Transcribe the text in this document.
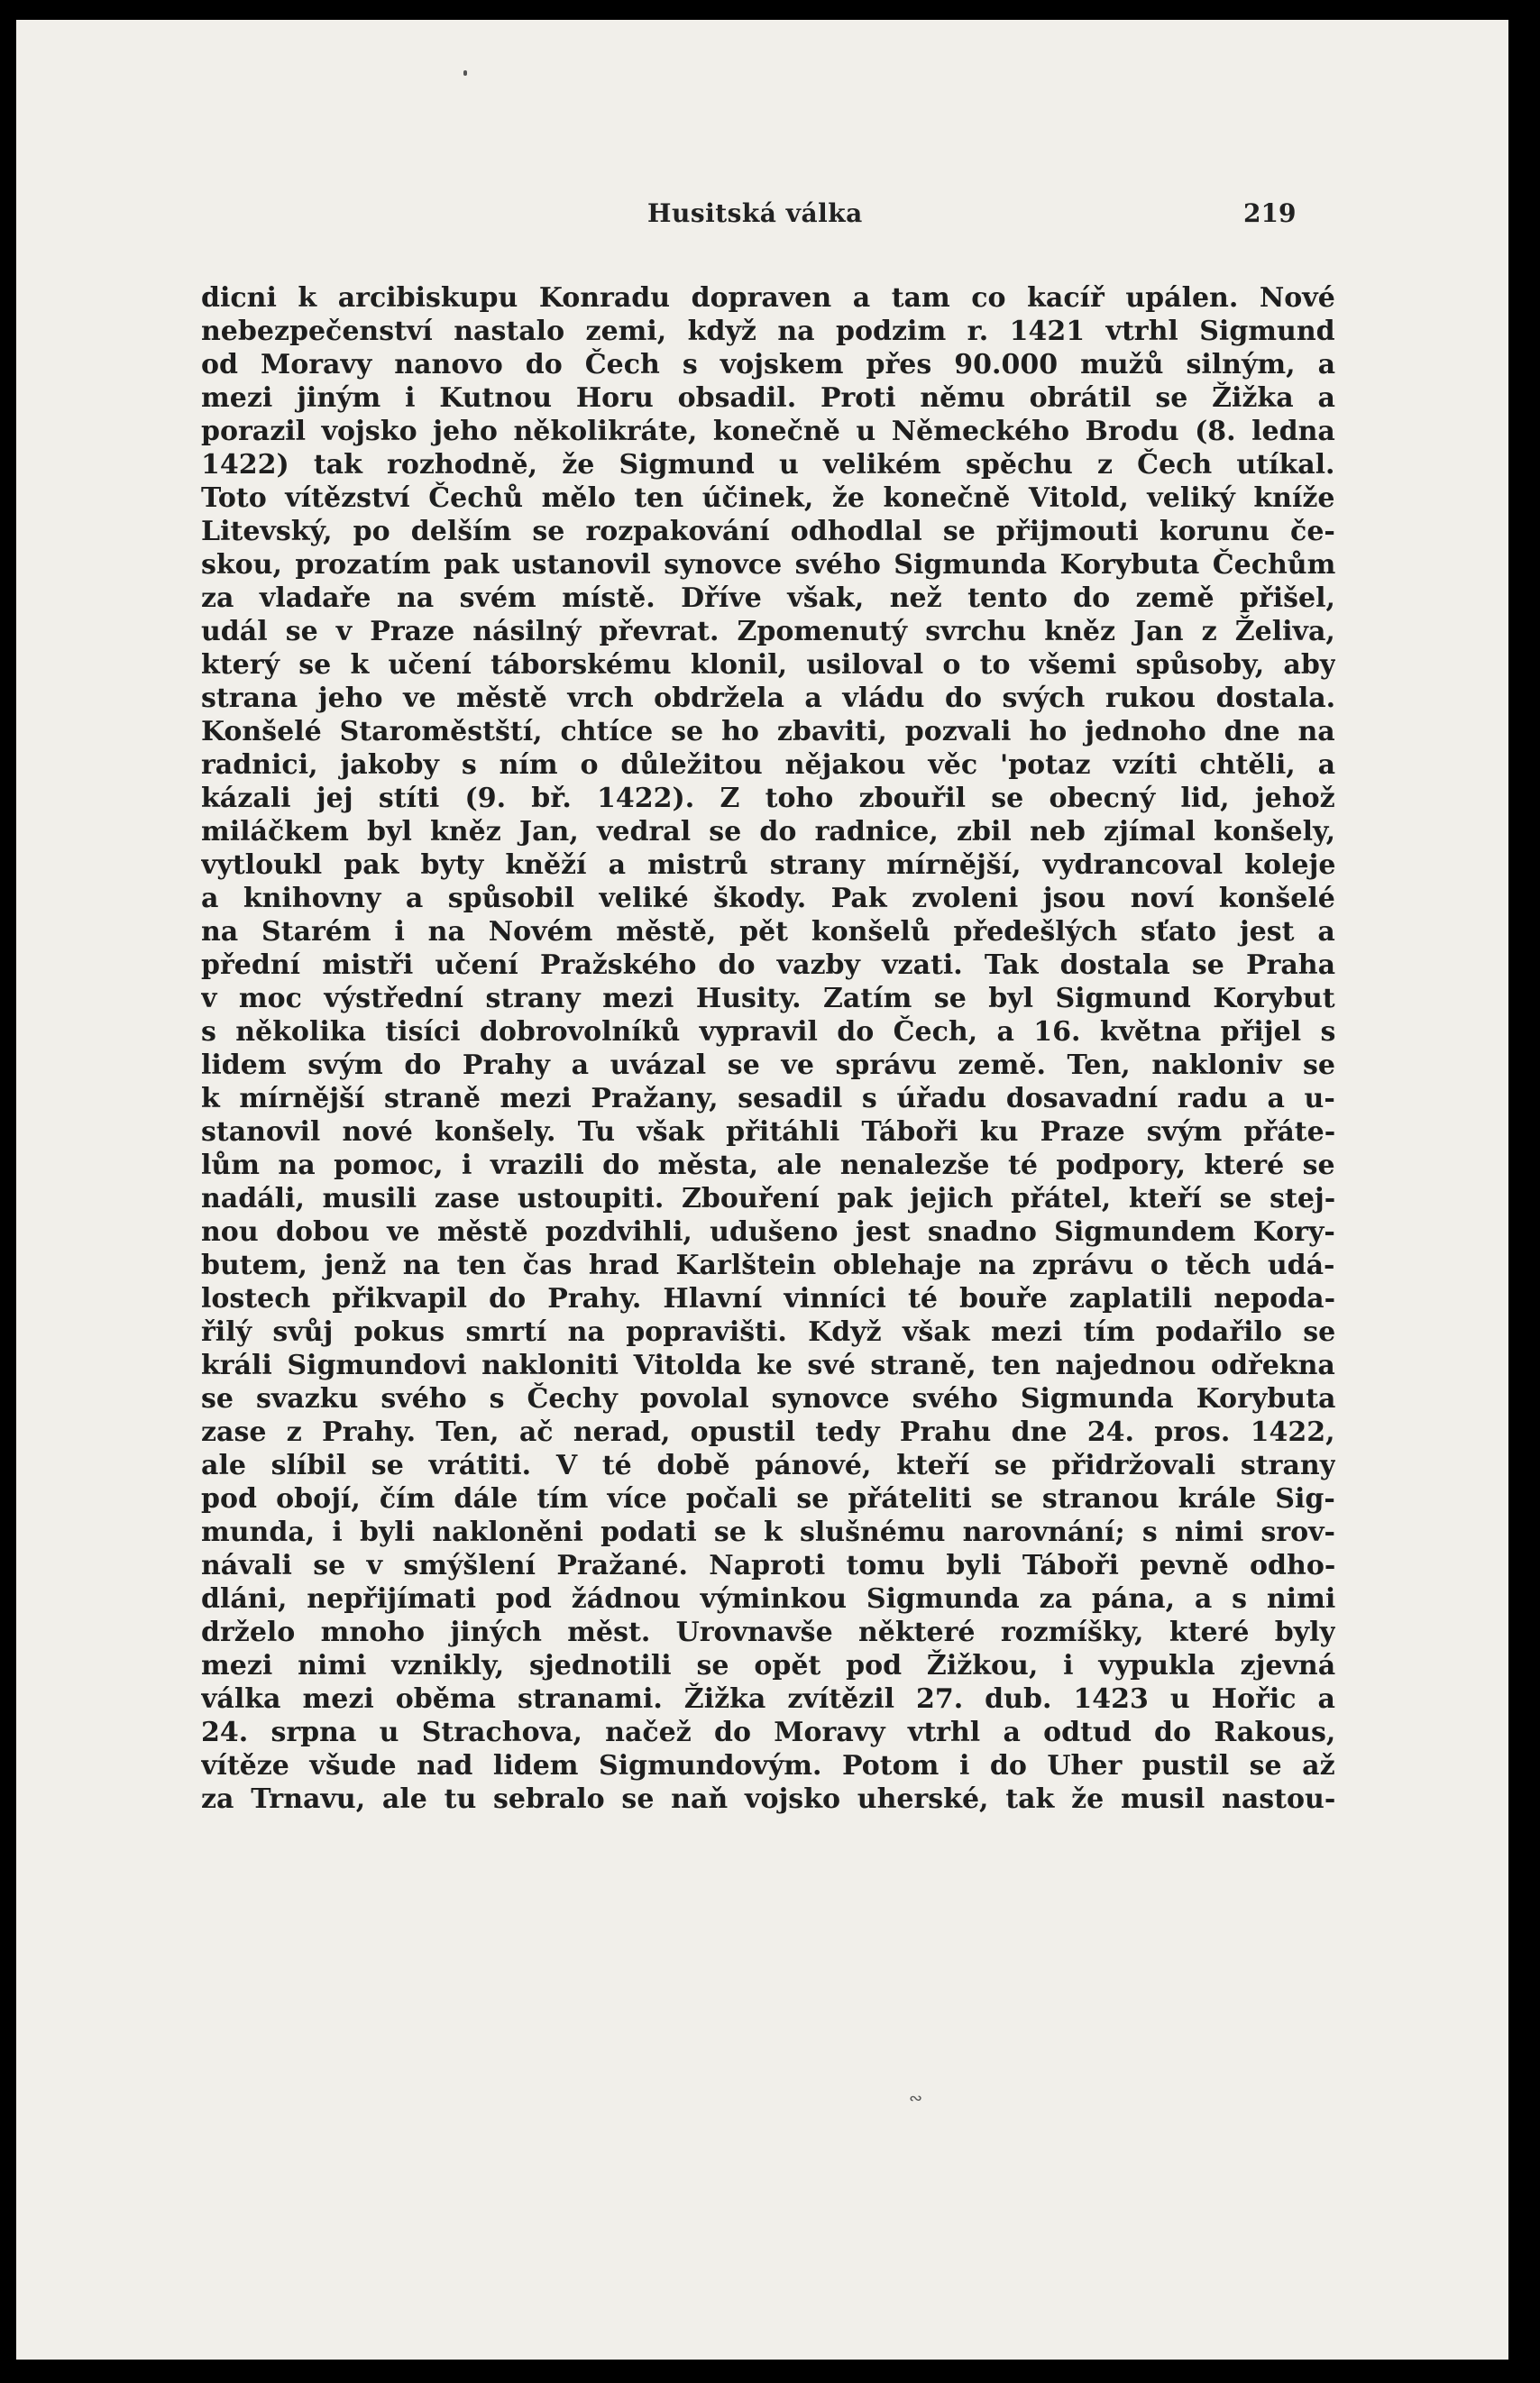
Husitská válka	219
dicni k arcibiskupu Konradu dopraven a tam co kacíř upálen. Nové
nebezpečenství nastalo zemi, když na podzim r. 1421 vtrhl Sigmund
od Moravy nanovo do Čech s vojskem přes 90.000 mužů silným, a
mezi jiným i Kutnou Horu obsadil. Proti němu obrátil se Žižka a
porazil vojsko jeho několikráte, konečně u Německého Brodu (8. ledna
1422) tak rozhodně, že Sigmund u velikém spěchu z Čech utíkal.
Toto vítězství Čechů mělo ten účinek, že konečně Vitold, veliký kníže
Litevský, po delším se rozpakování odhodlal se přijmouti korunu če-
skou, prozatím pak ustanovil synovce svého Sigmunda Korybuta Čechům
za vladaře na svém místě. Dříve však, než tento do země přišel,
udál se v Praze násilný převrat. Zpomenutý svrchu kněz Jan z Želiva,
který se k učení táborskému klonil, usiloval o to všemi spůsoby, aby
strana jeho ve městě vrch obdržela a vládu do svých rukou dostala.
Konšelé Staroměstští, chtíce se ho zbaviti, pozvali ho jednoho dne na
radnici, jakoby s ním o důležitou nějakou věc 'potaz vzíti chtěli, a
kázali jej stíti (9. bř. 1422). Z toho zbouřil se obecný lid, jehož
miláčkem byl kněz Jan, vedral se do radnice, zbil neb zjímal konšely,
vytloukl pak byty kněží a mistrů strany mírnější, vydrancoval koleje
a knihovny a spůsobil veliké škody. Pak zvoleni jsou noví konšelé
na Starém i na Novém městě, pět konšelů předešlých sťato jest a
přední mistři učení Pražského do vazby vzati. Tak dostala se Praha
v moc výstřední strany mezi Husity. Zatím se byl Sigmund Korybut
s několika tisíci dobrovolníků vypravil do Čech, a 16. května přijel s
lidem svým do Prahy a uvázal se ve správu země. Ten, nakloniv se
k mírnější straně mezi Pražany, sesadil s úřadu dosavadní radu a u-
stanovil nové konšely. Tu však přitáhli Táboři ku Praze svým přáte-
lům na pomoc, i vrazili do města, ale nenalezše té podpory, které se
nadáli, musili zase ustoupiti. Zbouření pak jejich přátel, kteří se stej-
nou dobou ve městě pozdvihli, udušeno jest snadno Sigmundem Kory-
butem, jenž na ten čas hrad Karlštein oblehaje na zprávu o těch udá-
lostech přikvapil do Prahy. Hlavní vinníci té bouře zaplatili nepoda-
řilý svůj pokus smrtí na popravišti. Když však mezi tím podařilo se
králi Sigmundovi nakloniti Vitolda ke své straně, ten najednou odřekna
se svazku svého s Čechy povolal synovce svého Sigmunda Korybuta
zase z Prahy. Ten, ač nerad, opustil tedy Prahu dne 24. pros. 1422,
ale slíbil se vrátiti. V té době pánové, kteří se přidržovali strany
pod obojí, čím dále tím více počali se přáteliti se stranou krále Sig-
munda, i byli nakloněni podati se k slušnému narovnání; s nimi srov-
návali se v smýšlení Pražané. Naproti tomu byli Táboři pevně odho-
dláni, nepřijímati pod žádnou výminkou Sigmunda za pána, a s nimi
drželo mnoho jiných měst. Urovnavše některé rozmíšky, které byly
mezi nimi vznikly, sjednotili se opět pod Žižkou, i vypukla zjevná
válka mezi oběma stranami. Žižka zvítězil 27. dub. 1423 u Hořic a
24. srpna u Strachova, načež do Moravy vtrhl a odtud do Rakous,
vítěze všude nad lidem Sigmundovým. Potom i do Uher pustil se až
za Trnavu, ale tu sebralo se naň vojsko uherské, tak že musil nastou-
∾
